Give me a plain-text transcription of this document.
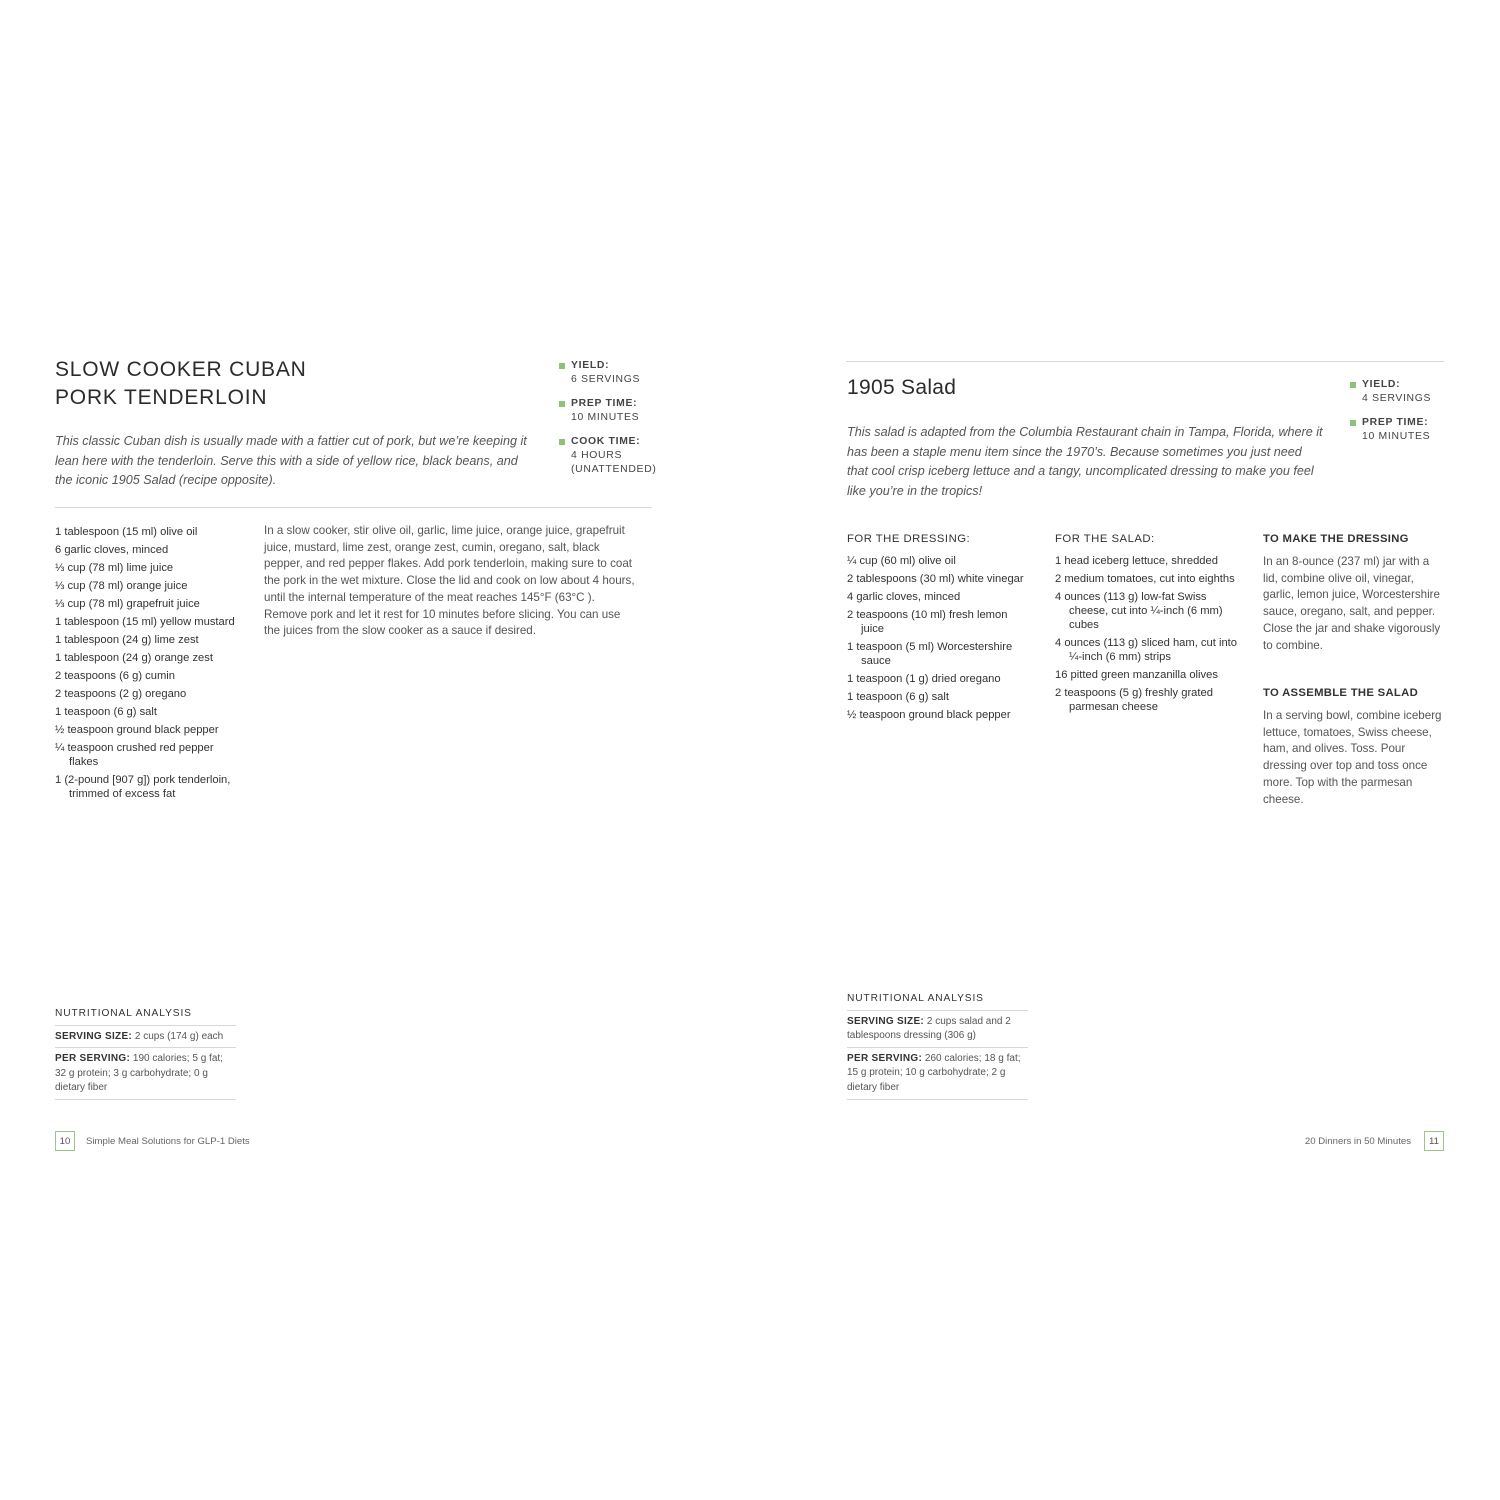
SLOW COOKER CUBAN
PORK TENDERLOIN
YIELD:
6 SERVINGS
PREP TIME:
10 MINUTES
COOK TIME:
4 HOURS
(UNATTENDED)

This classic Cuban dish is usually made with a fattier cut of pork, but we’re keeping it lean here with the tenderloin. Serve this with a side of yellow rice, black beans, and the iconic 1905 Salad (recipe opposite).

1 tablespoon (15 ml) olive oil
6 garlic cloves, minced
⅓ cup (78 ml) lime juice
⅓ cup (78 ml) orange juice
⅓ cup (78 ml) grapefruit juice
1 tablespoon (15 ml) yellow mustard
1 tablespoon (24 g) lime zest
1 tablespoon (24 g) orange zest
2 teaspoons (6 g) cumin
2 teaspoons (2 g) oregano
1 teaspoon (6 g) salt
½ teaspoon ground black pepper
¼ teaspoon crushed red pepper flakes
1 (2-pound [907 g]) pork tenderloin, trimmed of excess fat

In a slow cooker, stir olive oil, garlic, lime juice, orange juice, grapefruit juice, mustard, lime zest, orange zest, cumin, oregano, salt, black pepper, and red pepper flakes. Add pork tenderloin, making sure to coat the pork in the wet mixture. Close the lid and cook on low about 4 hours, until the internal temperature of the meat reaches 145°F (63°C ). Remove pork and let it rest for 10 minutes before slicing. You can use the juices from the slow cooker as a sauce if desired.

NUTRITIONAL ANALYSIS
SERVING SIZE: 2 cups (174 g) each
PER SERVING: 190 calories; 5 g fat; 32 g protein; 3 g carbohydrate; 0 g dietary fiber
10	Simple Meal Solutions for GLP-1 Diets
1905 Salad	YIELD:
4 SERVINGS
PREP TIME:
10 MINUTES

This salad is adapted from the Columbia Restaurant chain in Tampa, Florida, where it has been a staple menu item since the 1970’s. Because sometimes you just need that cool crisp iceberg lettuce and a tangy, uncomplicated dressing to make you feel like you’re in the tropics!

FOR THE DRESSING:
¼ cup (60 ml) olive oil
2 tablespoons (30 ml) white vinegar
4 garlic cloves, minced
2 teaspoons (10 ml) fresh lemon juice
1 teaspoon (5 ml) Worcestershire sauce
1 teaspoon (1 g) dried oregano
1 teaspoon (6 g) salt
½ teaspoon ground black pepper
FOR THE SALAD:
1 head iceberg lettuce, shredded
2 medium tomatoes, cut into eighths
4 ounces (113 g) low-fat Swiss cheese, cut into ¼-inch (6 mm) cubes
4 ounces (113 g) sliced ham, cut into ¼-inch (6 mm) strips
16 pitted green manzanilla olives
2 teaspoons (5 g) freshly grated parmesan cheese
TO MAKE THE DRESSING

In an 8-ounce (237 ml) jar with a lid, combine olive oil, vinegar, garlic, lemon juice, Worcestershire sauce, oregano, salt, and pepper. Close the jar and shake vigorously to combine.

TO ASSEMBLE THE SALAD

In a serving bowl, combine iceberg lettuce, tomatoes, Swiss cheese, ham, and olives. Toss. Pour dressing over top and toss once more. Top with the parmesan cheese.

NUTRITIONAL ANALYSIS
SERVING SIZE: 2 cups salad and 2 tablespoons dressing (306 g)
PER SERVING: 260 calories; 18 g fat; 15 g protein; 10 g carbohydrate; 2 g dietary fiber
20 Dinners in 50 Minutes	11
